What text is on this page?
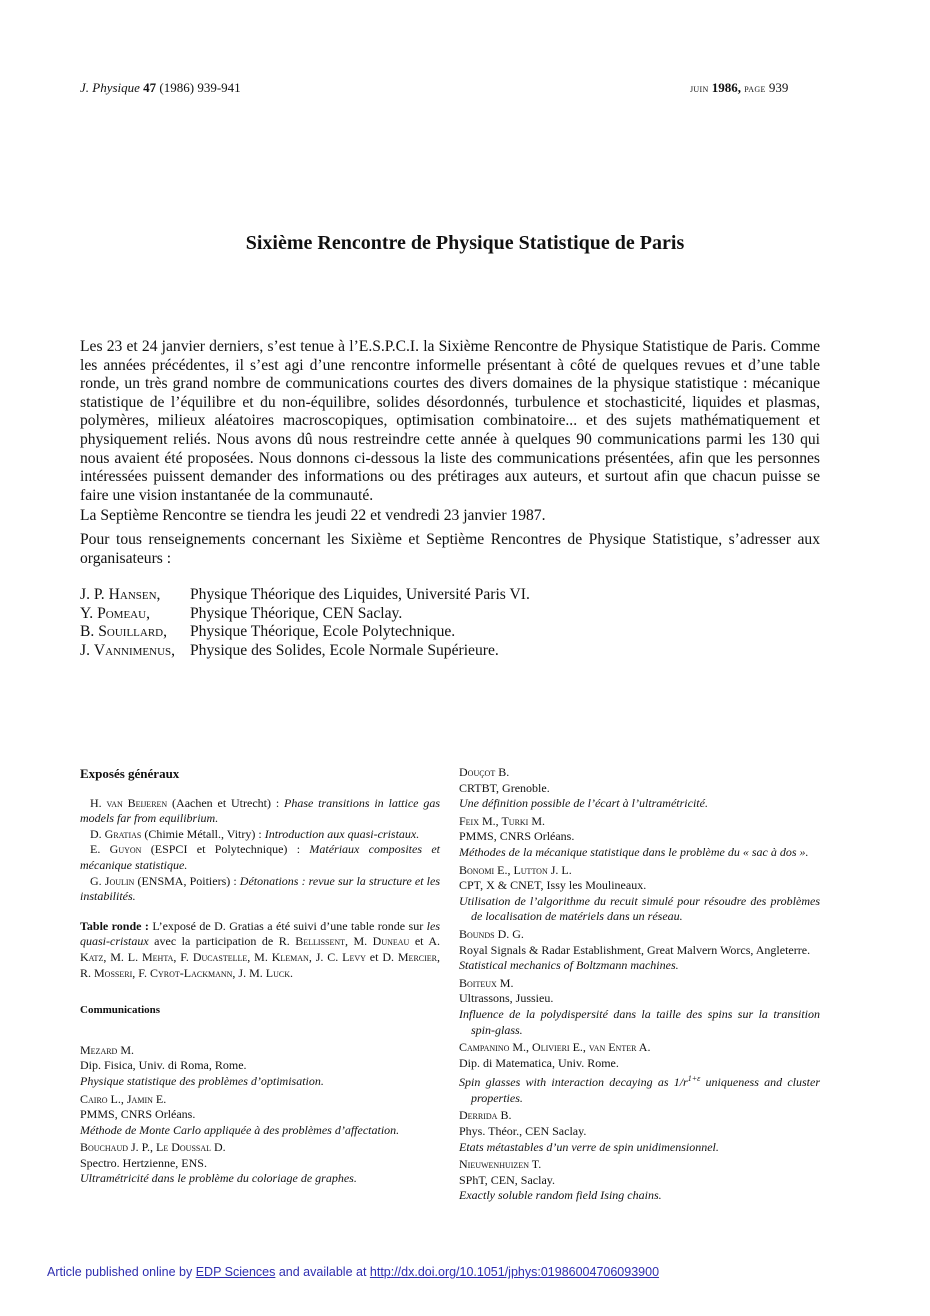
J. Physique 47 (1986) 939-941	juin 1986, page 939
Sixième Rencontre de Physique Statistique de Paris

Les 23 et 24 janvier derniers, s’est tenue à l’E.S.P.C.I. la Sixième Rencontre de Physique Statistique de Paris. Comme les années précédentes, il s’est agi d’une rencontre informelle présentant à côté de quelques revues et d’une table ronde, un très grand nombre de communications courtes des divers domaines de la physique statistique : mécanique statistique de l’équilibre et du non-équilibre, solides désordonnés, turbulence et stochasticité, liquides et plasmas, polymères, milieux aléatoires macroscopiques, optimisation combinatoire... et des sujets mathématiquement et physiquement reliés. Nous avons dû nous restreindre cette année à quelques 90 communications parmi les 130 qui nous avaient été proposées. Nous donnons ci-dessous la liste des communications présentées, afin que les personnes intéressées puissent demander des informations ou des prétirages aux auteurs, et surtout afin que chacun puisse se faire une vision instantanée de la communauté.

La Septième Rencontre se tiendra les jeudi 22 et vendredi 23 janvier 1987.

Pour tous renseignements concernant les Sixième et Septième Rencontres de Physique Statistique, s’adresser aux organisateurs :

J. P. Hansen,	Physique Théorique des Liquides, Université Paris VI.
Y. Pomeau,	Physique Théorique, CEN Saclay.
B. Souillard,	Physique Théorique, Ecole Polytechnique.
J. Vannimenus, Physique des Solides, Ecole Normale Supérieure.
Exposés généraux
H. van Beijeren (Aachen et Utrecht) : Phase transitions in lattice gas models far from equilibrium.
D. Gratias (Chimie Métall., Vitry) : Introduction aux quasi-cristaux.
E. Guyon (ESPCI et Polytechnique) : Matériaux composites et mécanique statistique.
G. Joulin (ENSMA, Poitiers) : Détonations : revue sur la structure et les instabilités.
Table ronde : L’exposé de D. Gratias a été suivi d’une table ronde sur les quasi-cristaux avec la participation de R. Bellissent, M. Duneau et A. Katz, M. L. Mehta, F. Ducastelle, M. Kleman, J. C. Levy et D. Mercier, R. Mosseri, F. Cyrot-Lackmann, J. M. Luck.
Communications
Mezard M.
Dip. Fisica, Univ. di Roma, Rome.
Physique statistique des problèmes d’optimisation.
Cairo L., Jamin E.
PMMS, CNRS Orléans.
Méthode de Monte Carlo appliquée à des problèmes d’affectation.
Bouchaud J. P., Le Doussal D.
Spectro. Hertzienne, ENS.
Ultramétricité dans le problème du coloriage de graphes.
Douçot B.
CRTBT, Grenoble.
Une définition possible de l’écart à l’ultramétricité.
Feix M., Turki M.
PMMS, CNRS Orléans.
Méthodes de la mécanique statistique dans le problème du « sac à dos ».
Bonomi E., Lutton J. L.
CPT, X & CNET, Issy les Moulineaux.
Utilisation de l’algorithme du recuit simulé pour résoudre des problèmes de localisation de matériels dans un réseau.
Bounds D. G.
Royal Signals & Radar Establishment, Great Malvern Worcs, Angleterre.
Statistical mechanics of Boltzmann machines.
Boiteux M.
Ultrassons, Jussieu.
Influence de la polydispersité dans la taille des spins sur la transition spin-glass.
Campanino M., Olivieri E., van Enter A.
Dip. di Matematica, Univ. Rome.
Spin glasses with interaction decaying as $1/r^{1+\varepsilon}$ uniqueness and cluster properties.
Derrida B.
Phys. Théor., CEN Saclay.
Etats métastables d’un verre de spin unidimensionnel.
Nieuwenhuizen T.
SPhT, CEN, Saclay.
Exactly soluble random field Ising chains.
Article published online by EDP Sciences and available at http://dx.doi.org/10.1051/jphys:01986004706093900
